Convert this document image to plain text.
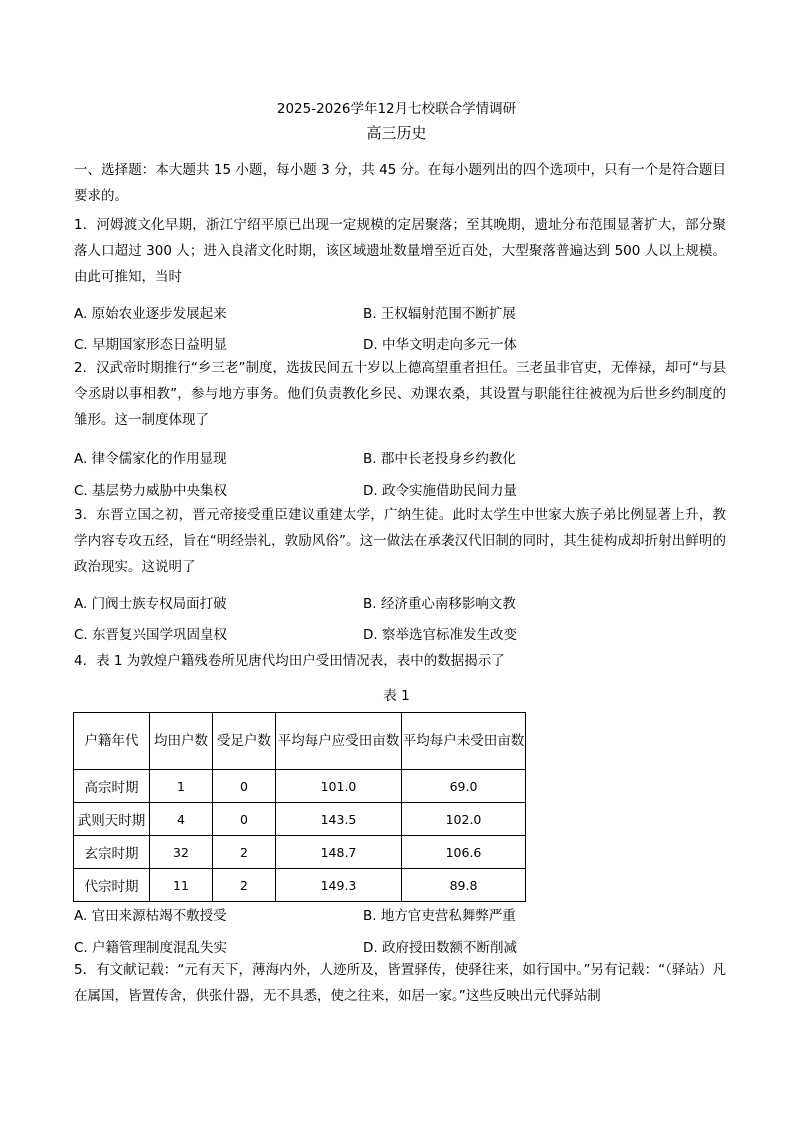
2025-2026学年12月七校联合学情调研
高三历史
一、选择题：本大题共 15 小题，每小题 3 分，共 45 分。在每小题列出的四个选项中，只有一个是符合题目要求的。
1．河姆渡文化早期，浙江宁绍平原已出现一定规模的定居聚落；至其晚期，遗址分布范围显著扩大，部分聚落人口超过 300 人；进入良渚文化时期，该区域遗址数量增至近百处，大型聚落普遍达到 500 人以上规模。由此可推知，当时
A. 原始农业逐步发展起来	B. 王权辐射范围不断扩展
C. 早期国家形态日益明显	D. 中华文明走向多元一体
2．汉武帝时期推行“乡三老”制度，选拔民间五十岁以上德高望重者担任。三老虽非官吏，无俸禄，却可“与县令丞尉以事相教”，参与地方事务。他们负责教化乡民、劝课农桑，其设置与职能往往被视为后世乡约制度的雏形。这一制度体现了
A. 律令儒家化的作用显现	B. 郡中长老投身乡约教化
C. 基层势力威胁中央集权	D. 政令实施借助民间力量
3．东晋立国之初，晋元帝接受重臣建议重建太学，广纳生徒。此时太学生中世家大族子弟比例显著上升，教学内容专攻五经，旨在“明经崇礼，敦励风俗”。这一做法在承袭汉代旧制的同时，其生徒构成却折射出鲜明的政治现实。这说明了
A. 门阀士族专权局面打破	B. 经济重心南移影响文教
C. 东晋复兴国学巩固皇权	D. 察举选官标准发生改变
4．表 1 为敦煌户籍残卷所见唐代均田户受田情况表，表中的数据揭示了
表 1
户籍年代	均田户数	受足户数	平均每户应受田亩数	平均每户未受田亩数
高宗时期	1	0	101.0	69.0
武则天时期	4	0	143.5	102.0
玄宗时期	32	2	148.7	106.6
代宗时期	11	2	149.3	89.8
A. 官田来源枯竭不敷授受	B. 地方官吏营私舞弊严重
C. 户籍管理制度混乱失实	D. 政府授田数额不断削减
5．有文献记载：“元有天下，薄海内外，人迹所及，皆置驿传，使驿往来，如行国中。”另有记载：“（驿站）凡在属国，皆置传舍，供张什器，无不具悉，使之往来，如居一家。”这些反映出元代驿站制
